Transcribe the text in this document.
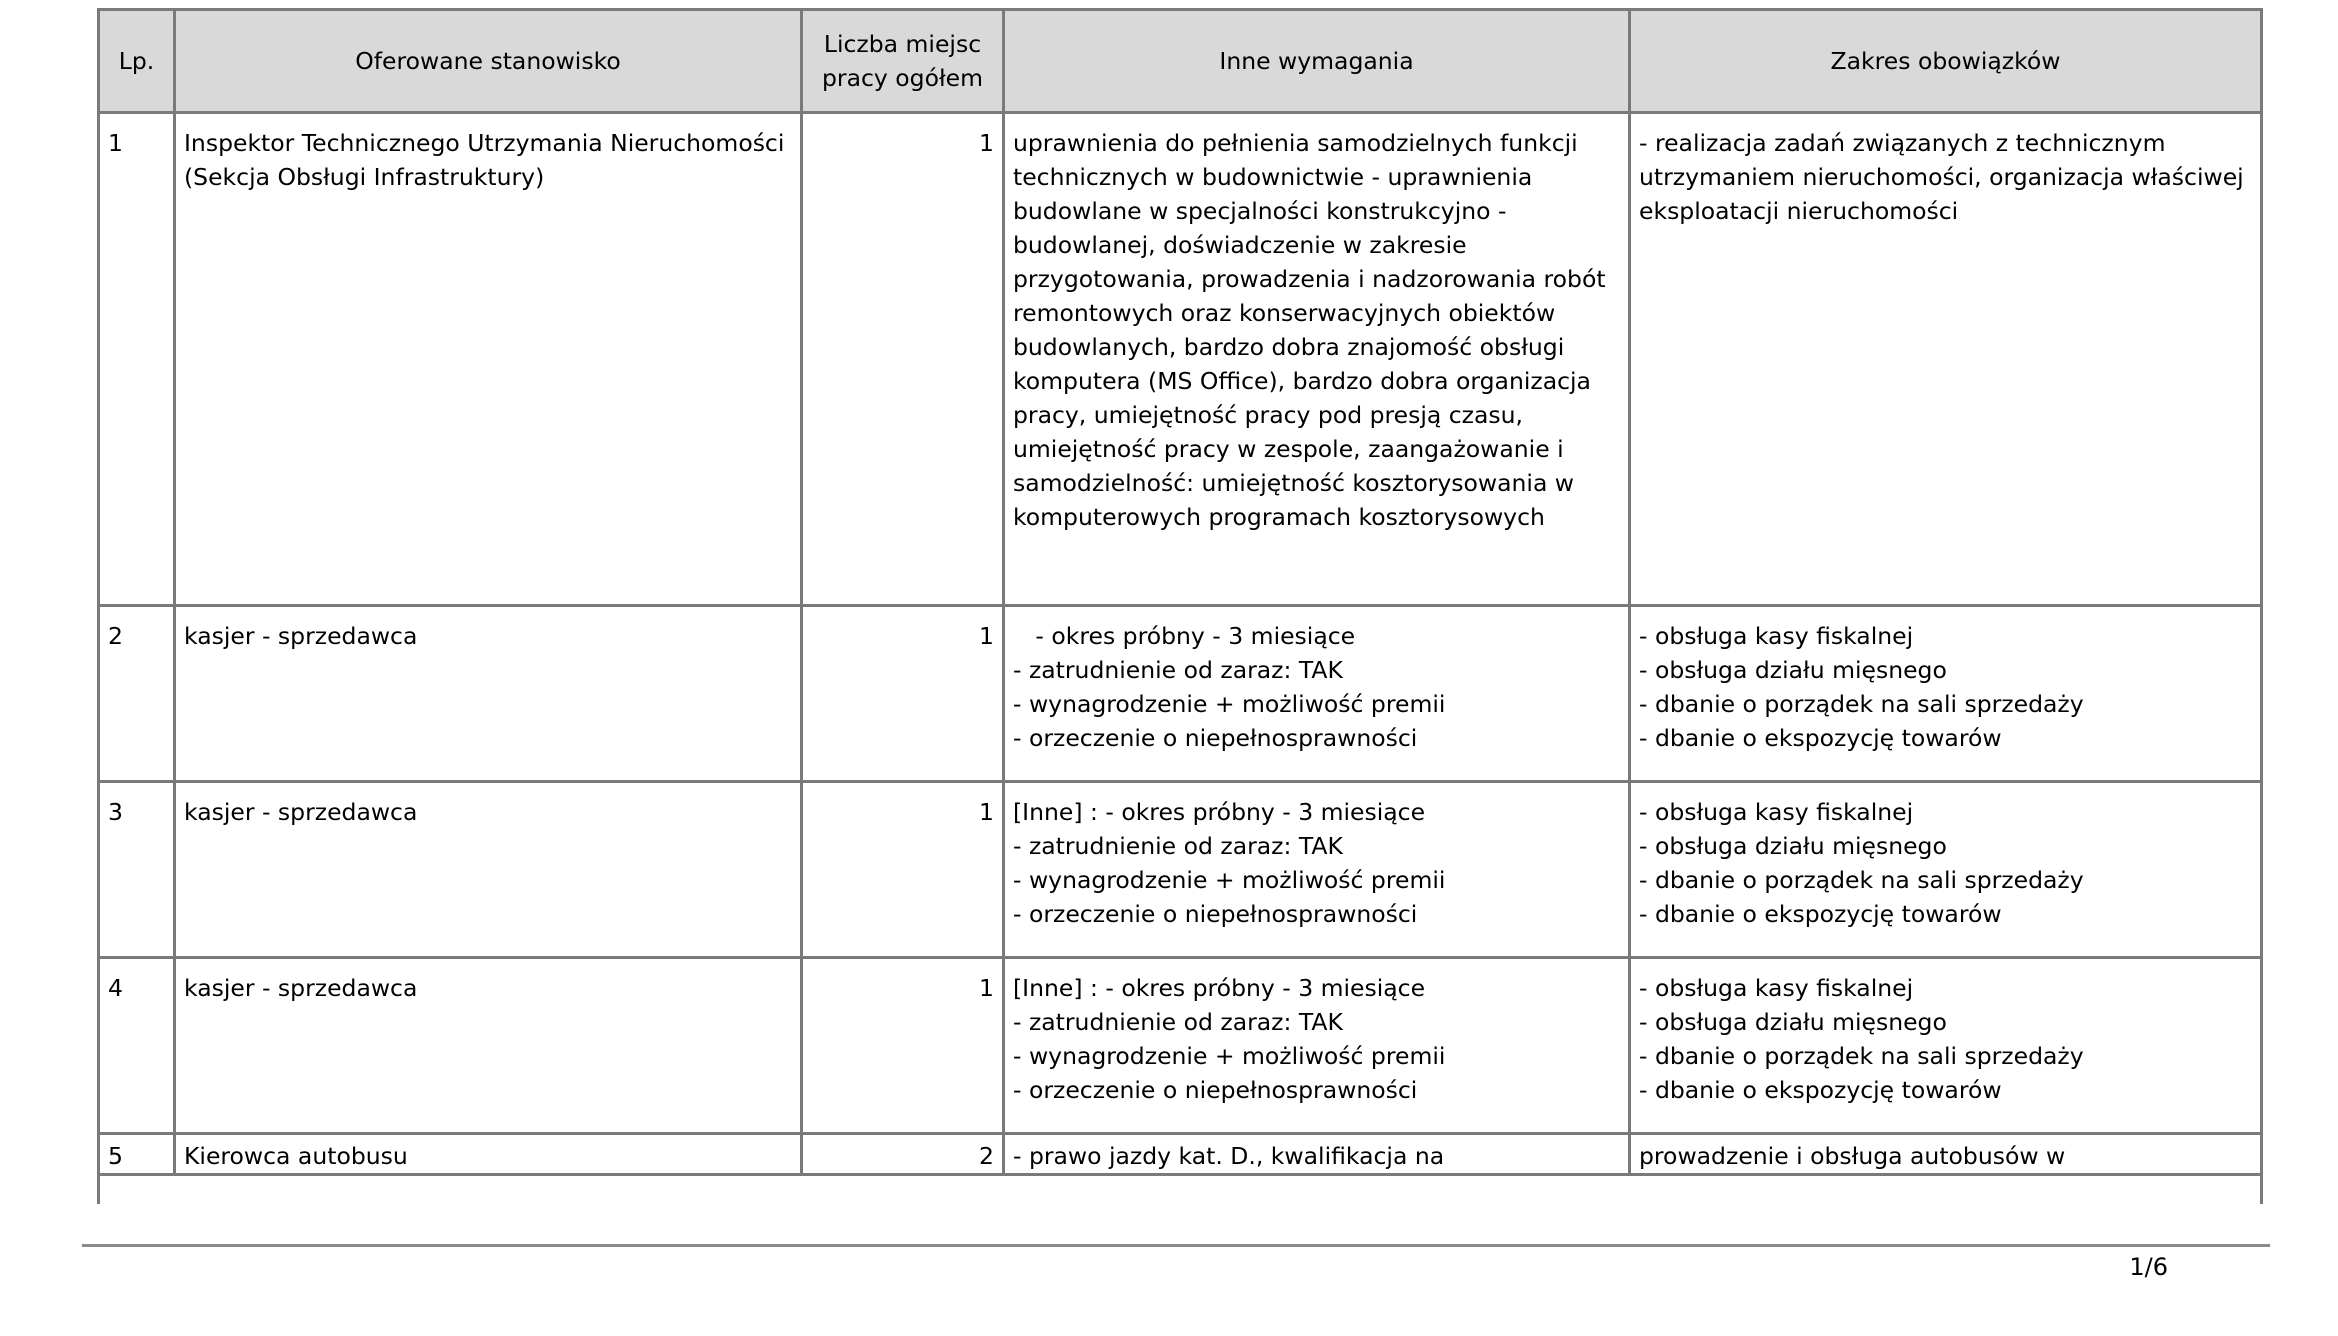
Lp.	Oferowane stanowisko	Liczba miejsc pracy ogółem	Inne wymagania	Zakres obowiązków
1	Inspektor Technicznego Utrzymania Nieruchomości (Sekcja Obsługi Infrastruktury)	1	uprawnienia do pełnienia samodzielnych funkcji technicznych w budownictwie - uprawnienia budowlane w specjalności konstrukcyjno - budowlanej, doświadczenie w zakresie przygotowania, prowadzenia i nadzorowania robót remontowych oraz konserwacyjnych obiektów budowlanych, bardzo dobra znajomość obsługi komputera (MS Office), bardzo dobra organizacja pracy, umiejętność pracy pod presją czasu, umiejętność pracy w zespole, zaangażowanie i samodzielność: umiejętność kosztorysowania w komputerowych programach kosztorysowych	- realizacja zadań związanych z technicznym utrzymaniem nieruchomości, organizacja właściwej eksploatacji nieruchomości
2	kasjer - sprzedawca	1	- okres próbny - 3 miesiące
- zatrudnienie od zaraz: TAK
- wynagrodzenie + możliwość premii
- orzeczenie o niepełnosprawności	- obsługa kasy fiskalnej
- obsługa działu mięsnego
- dbanie o porządek na sali sprzedaży
- dbanie o ekspozycję towarów
3	kasjer - sprzedawca	1	[Inne] : - okres próbny - 3 miesiące
- zatrudnienie od zaraz: TAK
- wynagrodzenie + możliwość premii
- orzeczenie o niepełnosprawności	- obsługa kasy fiskalnej
- obsługa działu mięsnego
- dbanie o porządek na sali sprzedaży
- dbanie o ekspozycję towarów
4	kasjer - sprzedawca	1	[Inne] : - okres próbny - 3 miesiące
- zatrudnienie od zaraz: TAK
- wynagrodzenie + możliwość premii
- orzeczenie o niepełnosprawności	- obsługa kasy fiskalnej
- obsługa działu mięsnego
- dbanie o porządek na sali sprzedaży
- dbanie o ekspozycję towarów
5	Kierowca autobusu	2	- prawo jazdy kat. D., kwalifikacja na	prowadzenie i obsługa autobusów w

1/6
